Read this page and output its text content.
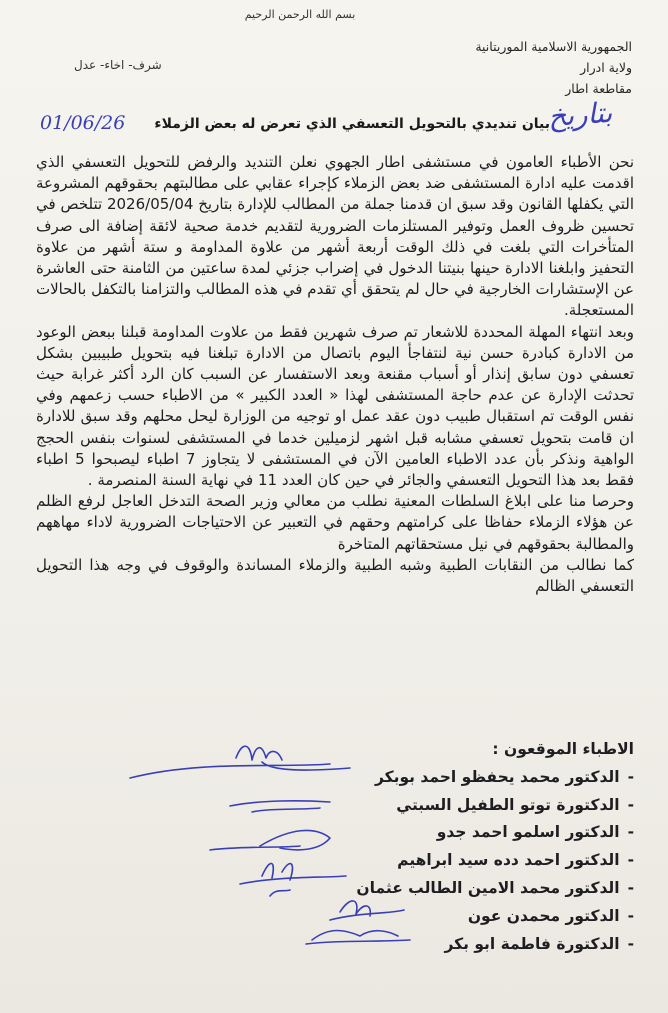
بسم الله الرحمن الرحيم
الجمهورية الاسلامية الموريتانية
ولاية ادرار
مقاطعة اطار
شرف- اخاء- عدل
بتاريخ
01/06/26	بيان تنديدي بالتحويل التعسفي الذي تعرض له بعض الزملاء

نحن الأطباء العامون في مستشفى اطار الجهوي نعلن التنديد والرفض للتحويل التعسفي الذي اقدمت عليه ادارة المستشفى ضد بعض الزملاء كإجراء عقابي على مطالبتهم بحقوقهم المشروعة التي يكفلها القانون وقد سبق ان قدمنا جملة من المطالب للإدارة بتاريخ 2026/05/04 تتلخص في تحسين ظروف العمل وتوفير المستلزمات الضرورية لتقديم خدمة صحية لائقة إضافة الى صرف المتأخرات التي بلغت في ذلك الوقت أربعة أشهر من علاوة المداومة و ستة أشهر من علاوة التحفيز وابلغنا الادارة حينها بنيتنا الدخول في إضراب جزئي لمدة ساعتين من الثامنة حتى العاشرة عن الإستشارات الخارجية في حال لم يتحقق أي تقدم في هذه المطالب والتزامنا بالتكفل بالحالات المستعجلة.

وبعد انتهاء المهلة المحددة للاشعار تم صرف شهرين فقط من علاوت المداومة قبلنا ببعض الوعود من الادارة كبادرة حسن نية لنتفاجأ اليوم باتصال من الادارة تبلغنا فيه بتحويل طبيبين بشكل تعسفي دون سابق إنذار أو أسباب مقنعة وبعد الاستفسار عن السبب كان الرد أكثر غرابة حيث تحدثت الإدارة عن عدم حاجة المستشفى لهذا « العدد الكبير » من الاطباء حسب زعمهم وفي نفس الوقت تم استقبال طبيب دون عقد عمل او توجيه من الوزارة ليحل محلهم وقد سبق للادارة ان قامت بتحويل تعسفي مشابه قبل اشهر لزميلين خدما في المستشفى لسنوات بنفس الحجج الواهية ونذكر بأن عدد الاطباء العامين الآن في المستشفى لا يتجاوز 7 اطباء ليصبحوا 5 اطباء فقط بعد هذا التحويل التعسفي والجائر في حين كان العدد 11 في نهاية السنة المنصرمة .

وحرصا منا على ابلاغ السلطات المعنية نطلب من معالي وزير الصحة التدخل العاجل لرفع الظلم عن هؤلاء الزملاء حفاظا على كرامتهم وحقهم في التعبير عن الاحتياجات الضرورية لاداء مهاههم والمطالبة بحقوقهم في نيل مستحقاتهم المتاخرة

كما نطالب من النقابات الطبية وشبه الطبية والزملاء المساندة والوقوف في وجه هذا التحويل التعسفي الظالم

الاطباء الموقعون :
-الدكتور محمد يحفظو احمد بوبكر
-الدكتورة توتو الطفيل السبتي
-الدكتور اسلمو احمد جدو
-الدكتور احمد دده سيد ابراهيم
-الدكتور محمد الامين الطالب عثمان
-الدكتور محمدن عون
-الدكتورة فاطمة ابو بكر
